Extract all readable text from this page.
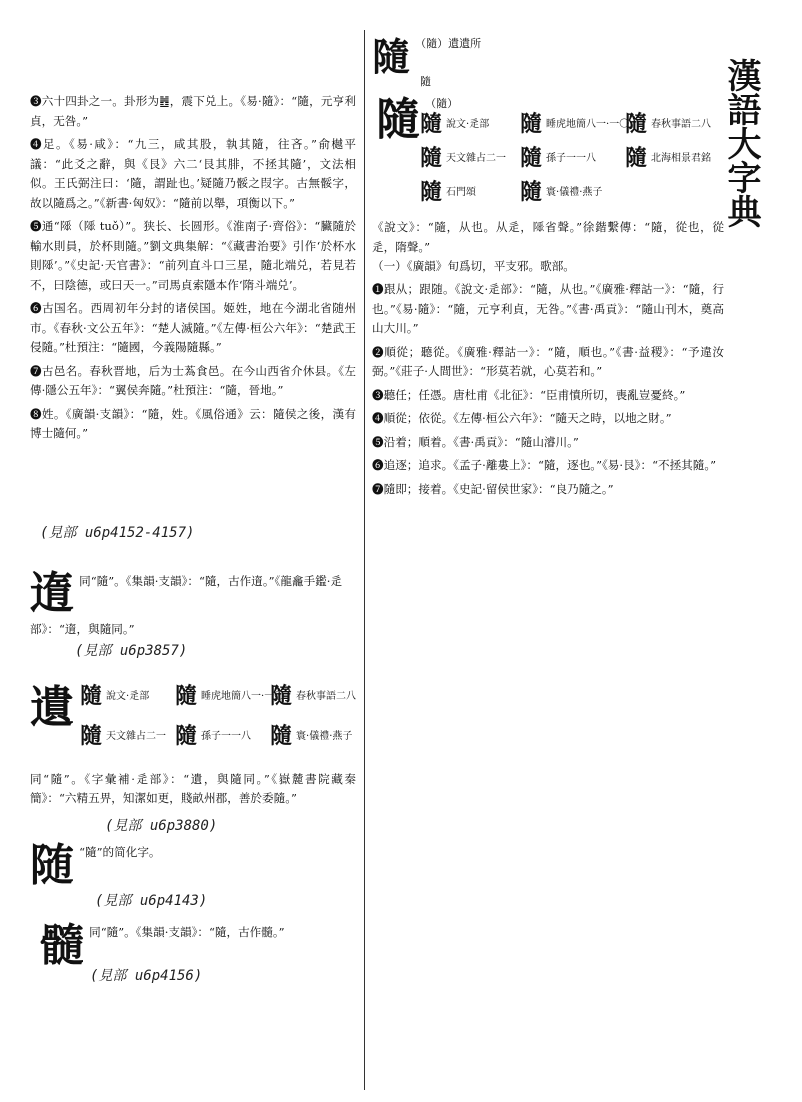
漢語大字典
隨 $^{(隨)遺遺所}$
隨
隨 $^{(隨)}$
隨說文·辵部 隨睡虎地簡八一·一〇
隨春秋事語二八
隨天文雜占二一 隨孫子一一八 隨北海相景君銘
隨石門頌 隨寰·儀禮·燕子
《說文》：“隨，从也。从辵，𨻌省聲。”徐鍇繫傳：“隨，從也，從辵，隋聲。”
（一）《廣韻》旬爲切，平支邪。歌部。
❶跟从；跟随。《說文·辵部》：“隨，从也。”《廣雅·釋詁一》：“隨，行也。”《易·隨》：“隨，元亨利貞，无咎。”《書·禹貢》：“隨山刊木，奠高山大川。”
❷順從；聽從。《廣雅·釋詁一》：“隨，順也。”《書·益稷》：“予違汝弼。”《莊子·人間世》：“形莫若就，心莫若和。”
❸聽任；任憑。唐杜甫《北征》：“臣甫憤所切，喪亂豈憂終。”
❹順從；依從。《左傳·桓公六年》：“隨天之時，以地之財。”
❺沿着；順着。《書·禹貢》：“隨山濬川。”
❻追逐；追求。《孟子·離婁上》：“隨，逐也。”《易·艮》：“不拯其隨。”
❼隨即；接着。《史記·留侯世家》：“良乃隨之。”
❸六十四卦之一。卦形为䷐，震下兑上。《易·隨》：“隨，元亨利貞，无咎。”
❹足。《易·咸》：“九三，咸其股，執其隨，往吝。”俞樾平議：“此爻之辭，與《艮》六二‘艮其腓，不拯其隨’，文法相似。王氏弼注曰：‘隨，謂趾也。’疑隨乃骽之叚字。古無骽字，故以隨爲之。”《新書·匈奴》：“隨前以舉，項衡以下。”
❺通“𨻌（𨻌 tuǒ）”。狭长、长圆形。《淮南子·齊俗》：“臟隨於輸水則員，於杯則隨。”劉文典集解：“《藏書治要》引作‘於杯水則𨻌’。”《史記·天官書》：“前列直斗口三星，隨北端兑，若見若不，曰陰德，或曰天一。”司馬貞索隱本作‘隋斗端兑’。
❻古国名。西周初年分封的诸侯国。姬姓，地在今湖北省随州市。《春秋·文公五年》：“楚人滅隨。”《左傳·桓公六年》：“楚武王侵隨。”杜預注：“隨國，今義陽隨縣。”
❼古邑名。春秋晋地，后为士蒍食邑。在今山西省介休县。《左傳·隱公五年》：“翼侯奔隨。”杜預注：“隨，晉地。”
❽姓。《廣韻·支韻》：“隨，姓。《風俗通》云：隨侯之後，漢有博士隨何。”
(見部 u6p4152-4157)
遀 同“隨”。《集韻·支韻》：“隨，古作遀。”《龍龕手鑑·辵部》：“遀，與隨同。”
(見部 u6p3857)
遺 隨說文·辵部 隨睡虎地簡八一·一〇
隨春秋事語二八
隨天文雜占二一 隨孫子一一八 隨寰·儀禮·燕子
同“隨”。《字彙補·辵部》：“遺，與隨同。”《嶽麓書院藏秦簡》：“六精五畀，知潔如更，賤畝州郡，善於委隨。”
(見部 u6p3880)
随 “隨”的简化字。
(見部 u6p4143)
髓 同“隨”。《集韻·支韻》：“隨，古作髓。”
(見部 u6p4156)
